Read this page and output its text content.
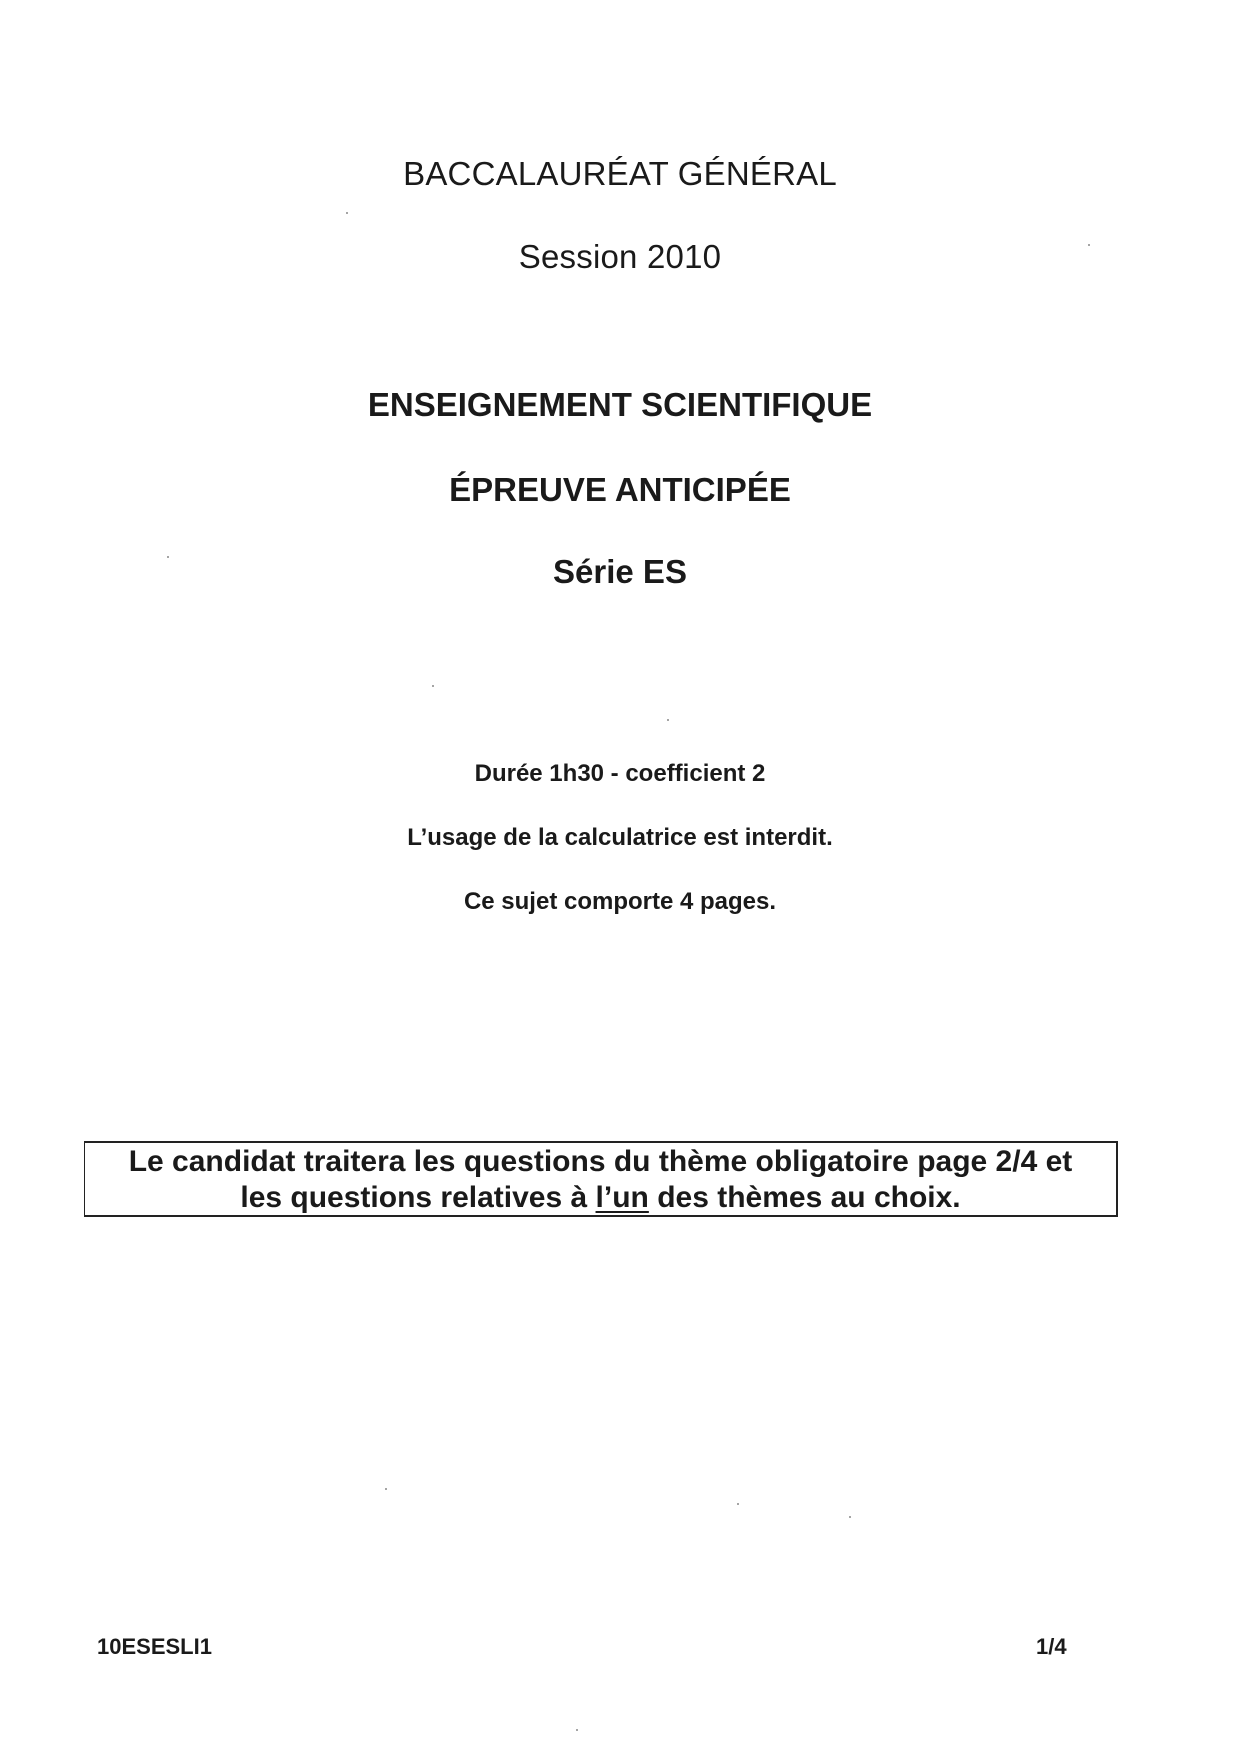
BACCALAURÉAT GÉNÉRAL
Session 2010
ENSEIGNEMENT SCIENTIFIQUE
ÉPREUVE ANTICIPÉE
Série ES
Durée 1h30 - coefficient 2
L’usage de la calculatrice est interdit.
Ce sujet comporte 4 pages.
Le candidat traitera les questions du thème obligatoire page 2/4 et
les questions relatives à l’un des thèmes au choix.
10ESESLI1	1/4
